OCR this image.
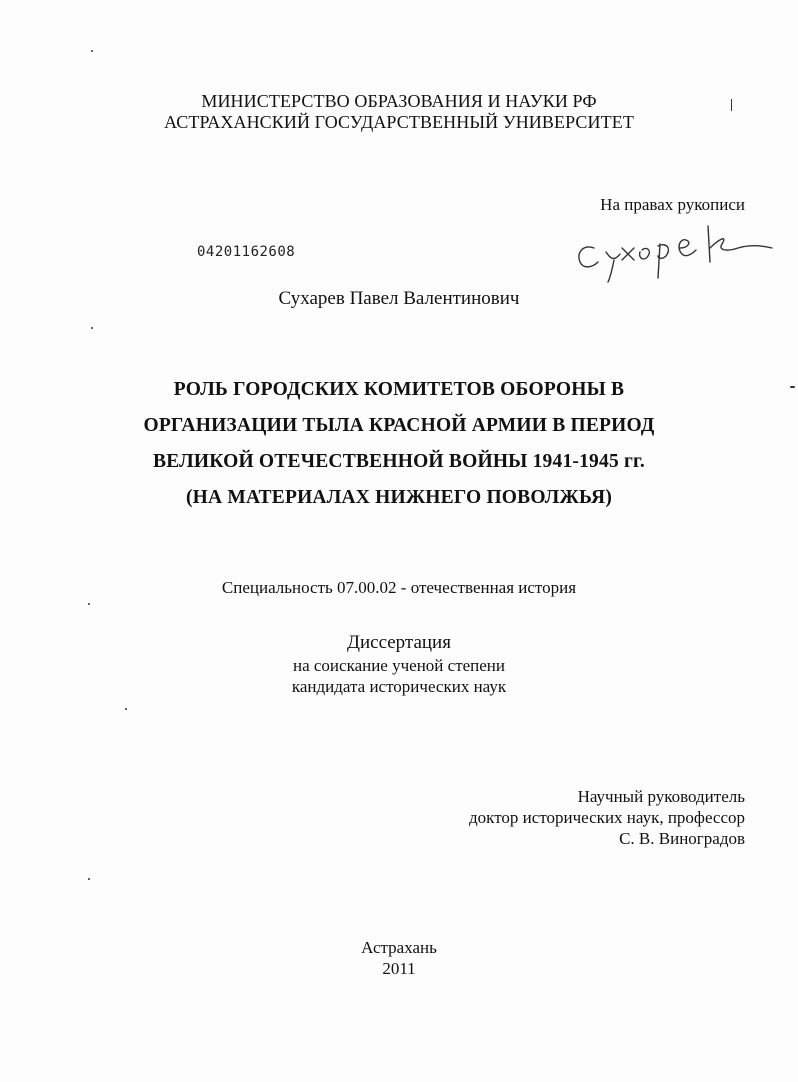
МИНИСТЕРСТВО ОБРАЗОВАНИЯ И НАУКИ РФ
АСТРАХАНСКИЙ ГОСУДАРСТВЕННЫЙ УНИВЕРСИТЕТ
На правах рукописи
04201162608
Сухарев Павел Валентинович
РОЛЬ ГОРОДСКИХ КОМИТЕТОВ ОБОРОНЫ В
ОРГАНИЗАЦИИ ТЫЛА КРАСНОЙ АРМИИ В ПЕРИОД
ВЕЛИКОЙ ОТЕЧЕСТВЕННОЙ ВОЙНЫ 1941-1945 гг.
(НА МАТЕРИАЛАХ НИЖНЕГО ПОВОЛЖЬЯ)
Специальность 07.00.02 - отечественная история
Диссертация
на соискание ученой степени
кандидата исторических наук
Научный руководитель
доктор исторических наук, профессор
С. В. Виноградов
Астрахань
2011
